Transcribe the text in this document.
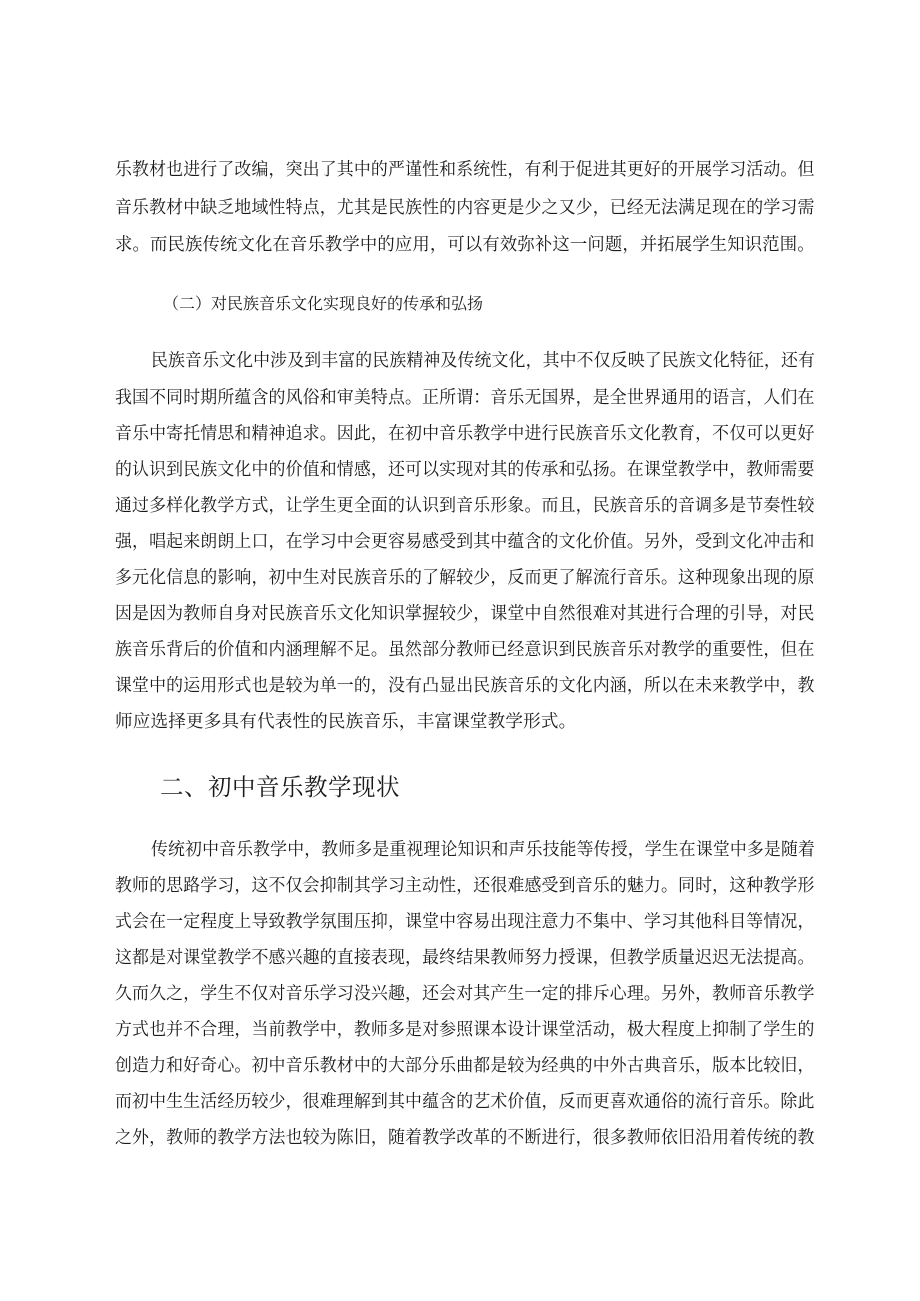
乐教材也进行了改编，突出了其中的严谨性和系统性，有利于促进其更好的开展学习活动。但
音乐教材中缺乏地域性特点，尤其是民族性的内容更是少之又少，已经无法满足现在的学习需
求。而民族传统文化在音乐教学中的应用，可以有效弥补这一问题，并拓展学生知识范围。
（二）对民族音乐文化实现良好的传承和弘扬
民族音乐文化中涉及到丰富的民族精神及传统文化，其中不仅反映了民族文化特征，还有
我国不同时期所蕴含的风俗和审美特点。正所谓：音乐无国界，是全世界通用的语言，人们在
音乐中寄托情思和精神追求。因此，在初中音乐教学中进行民族音乐文化教育，不仅可以更好
的认识到民族文化中的价值和情感，还可以实现对其的传承和弘扬。在课堂教学中，教师需要
通过多样化教学方式，让学生更全面的认识到音乐形象。而且，民族音乐的音调多是节奏性较
强，唱起来朗朗上口，在学习中会更容易感受到其中蕴含的文化价值。另外，受到文化冲击和
多元化信息的影响，初中生对民族音乐的了解较少，反而更了解流行音乐。这种现象出现的原
因是因为教师自身对民族音乐文化知识掌握较少，课堂中自然很难对其进行合理的引导，对民
族音乐背后的价值和内涵理解不足。虽然部分教师已经意识到民族音乐对教学的重要性，但在
课堂中的运用形式也是较为单一的，没有凸显出民族音乐的文化内涵，所以在未来教学中，教
师应选择更多具有代表性的民族音乐，丰富课堂教学形式。
二、初中音乐教学现状
传统初中音乐教学中，教师多是重视理论知识和声乐技能等传授，学生在课堂中多是随着
教师的思路学习，这不仅会抑制其学习主动性，还很难感受到音乐的魅力。同时，这种教学形
式会在一定程度上导致教学氛围压抑，课堂中容易出现注意力不集中、学习其他科目等情况，
这都是对课堂教学不感兴趣的直接表现，最终结果教师努力授课，但教学质量迟迟无法提高。
久而久之，学生不仅对音乐学习没兴趣，还会对其产生一定的排斥心理。另外，教师音乐教学
方式也并不合理，当前教学中，教师多是对参照课本设计课堂活动，极大程度上抑制了学生的
创造力和好奇心。初中音乐教材中的大部分乐曲都是较为经典的中外古典音乐，版本比较旧，
而初中生生活经历较少，很难理解到其中蕴含的艺术价值，反而更喜欢通俗的流行音乐。除此
之外，教师的教学方法也较为陈旧，随着教学改革的不断进行，很多教师依旧沿用着传统的教
